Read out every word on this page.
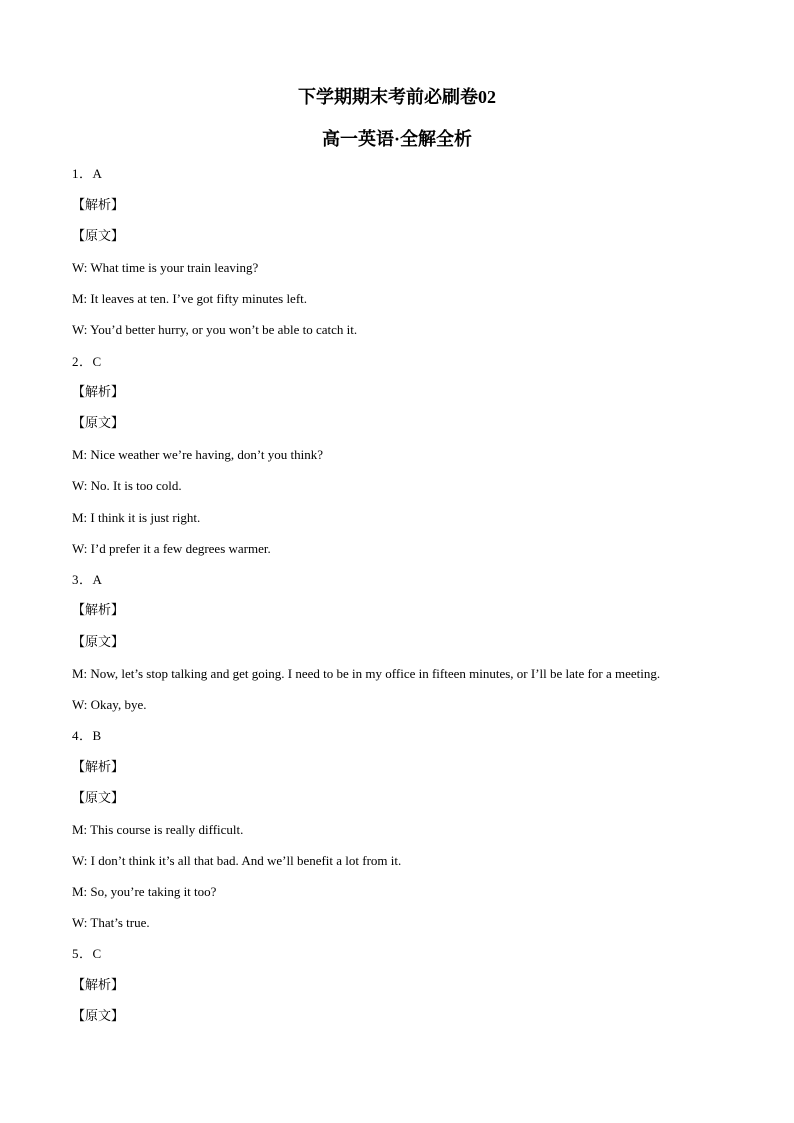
下学期期末考前必刷卷02
高一英语·全解全析
1．A
【解析】
【原文】
W: What time is your train leaving?
M: It leaves at ten. I’ve got fifty minutes left.
W: You’d better hurry, or you won’t be able to catch it.
2．C
【解析】
【原文】
M: Nice weather we’re having, don’t you think?
W: No. It is too cold.
M: I think it is just right.
W: I’d prefer it a few degrees warmer.
3．A
【解析】
【原文】
M: Now, let’s stop talking and get going. I need to be in my office in fifteen minutes, or I’ll be late for a meeting.
W: Okay, bye.
4．B
【解析】
【原文】
M: This course is really difficult.
W: I don’t think it’s all that bad. And we’ll benefit a lot from it.
M: So, you’re taking it too?
W: That’s true.
5．C
【解析】
【原文】
